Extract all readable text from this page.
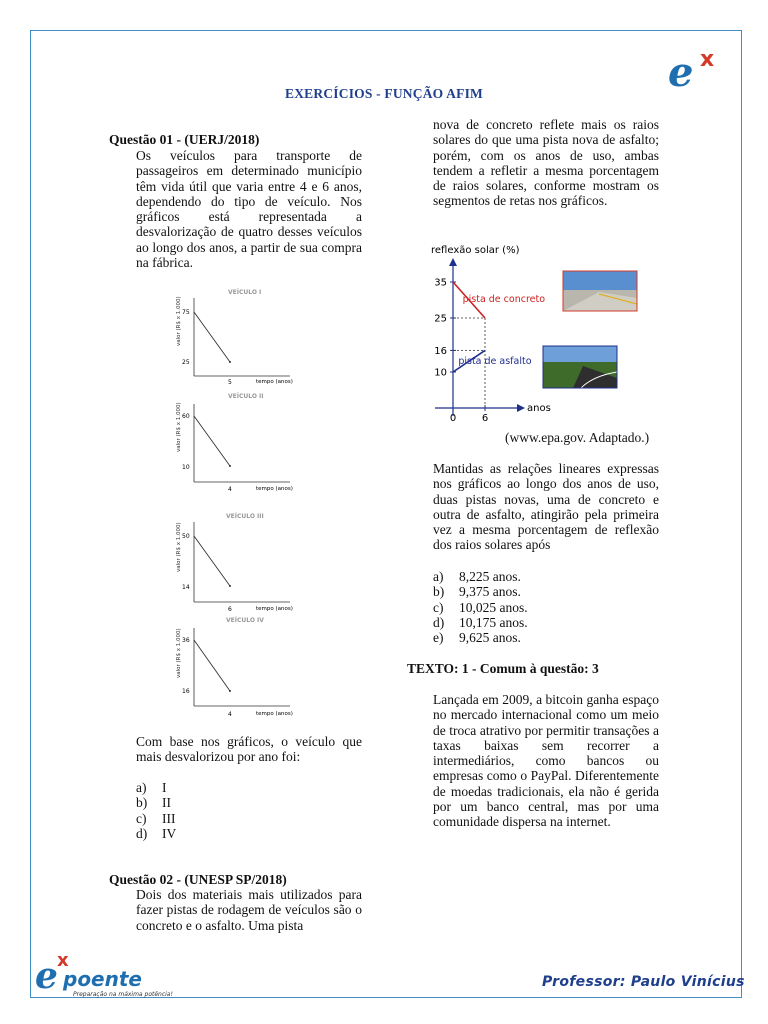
e x
EXERCÍCIOS - FUNÇÃO AFIM
Questão 01 - (UERJ/2018)
Os veículos para transporte de passageiros em determinado município têm vida útil que varia entre 4 e 6 anos, dependendo do tipo de veículo. Nos gráficos está representada a desvalorização de quatro desses veículos ao longo dos anos, a partir de sua compra na fábrica.
VEÍCULO I
valor (R$ x 1.000) 75
25
5	tempo (anos)
VEÍCULO II
valor (R$ x 1.000) 60
10
4	tempo (anos)
VEÍCULO III
valor (R$ x 1.000) 50
14
6	tempo (anos)
VEÍCULO IV
valor (R$ x 1.000) 36
16
4	tempo (anos)
Com base nos gráficos, o veículo que mais desvalorizou por ano foi:
a)	I
b)	II
c)	III
d)	IV
Questão 02 - (UNESP SP/2018)
Dois dos materiais mais utilizados para fazer pistas de rodagem de veículos são o concreto e o asfalto. Uma pista
nova de concreto reflete mais os raios solares do que uma pista nova de asfalto; porém, com os anos de uso, ambas tendem a refletir a mesma porcentagem de raios solares, conforme mostram os segmentos de retas nos gráficos.
reflexão solar (%)
anos
10
16
25
35
0	6
pista de concreto
pista de asfalto
(www.epa.gov. Adaptado.)
Mantidas as relações lineares expressas nos gráficos ao longo dos anos de uso, duas pistas novas, uma de concreto e outra de asfalto, atingirão pela primeira vez a mesma porcentagem de reflexão dos raios solares após
a)	8,225 anos.
b)	9,375 anos.
c)	10,025 anos.
d)	10,175 anos.
e)	9,625 anos.
TEXTO: 1 - Comum à questão: 3
Lançada em 2009, a bitcoin ganha espaço no mercado internacional como um meio de troca atrativo por permitir transações a taxas baixas sem recorrer a intermediários, como bancos ou empresas como o PayPal. Diferentemente de moedas tradicionais, ela não é gerida por um banco central, mas por uma comunidade dispersa na internet.
e x
poente
Preparação na máxima potência!
Professor: Paulo Vinícius
